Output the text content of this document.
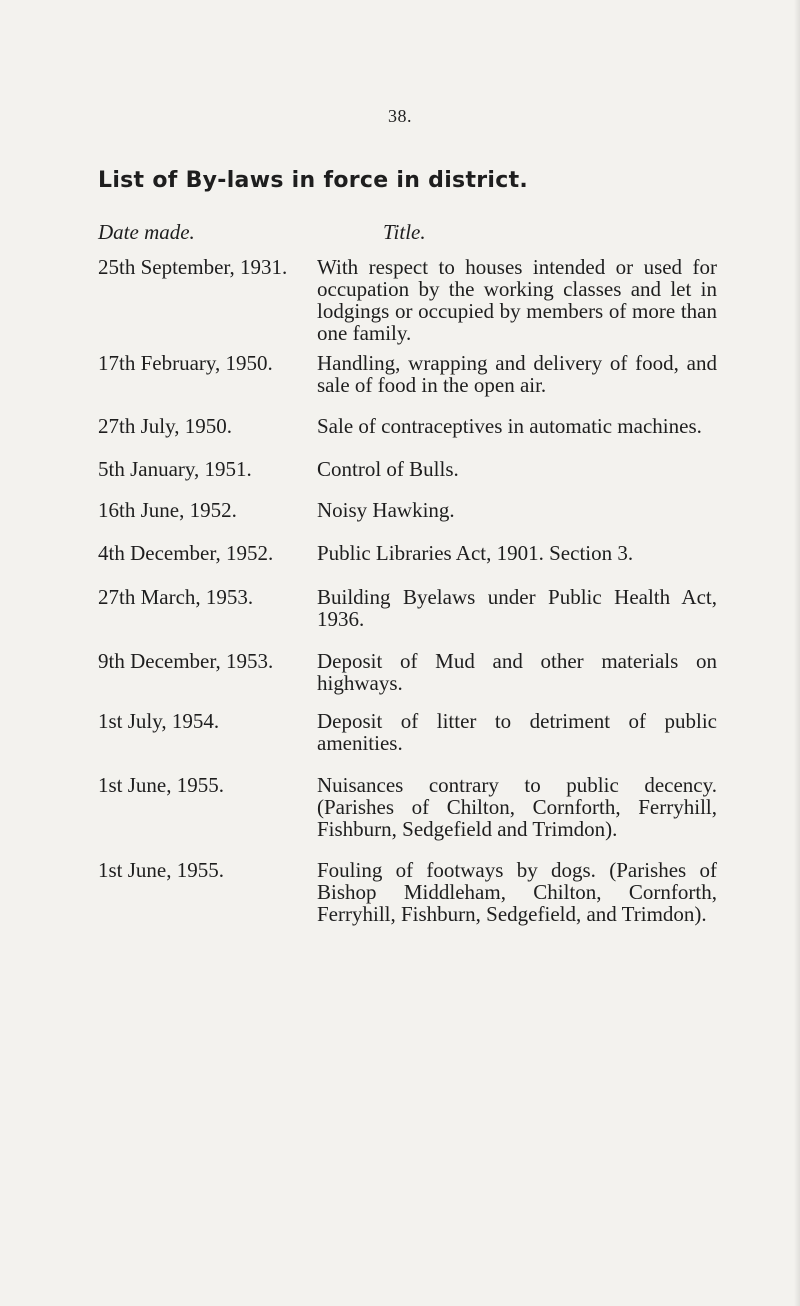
38.
List of By-laws in force in district.
Date made.	Title.
25th September, 1931. With respect to houses intended or used for occupation by the working classes and let in lodgings or occupied by members of more than one family.
17th February, 1950. Handling, wrapping and delivery of food, and sale of food in the open air.
27th July, 1950.	Sale of contraceptives in automatic machines.
5th January, 1951.	Control of Bulls.
16th June, 1952.	Noisy Hawking.
4th December, 1952. Public Libraries Act, 1901. Section 3.
27th March, 1953.	Building Byelaws under Public Health Act, 1936.
9th December, 1953. Deposit of Mud and other materials on highways.
1st July, 1954.	Deposit of litter to detriment of public amenities.
1st June, 1955.	Nuisances contrary to public decency. (Parishes of Chilton, Cornforth, Ferryhill, Fishburn, Sedgefield and Trimdon).
1st June, 1955.	Fouling of footways by dogs. (Parishes of Bishop Middleham, Chilton, Cornforth, Ferryhill, Fishburn, Sedgefield, and Trimdon).
